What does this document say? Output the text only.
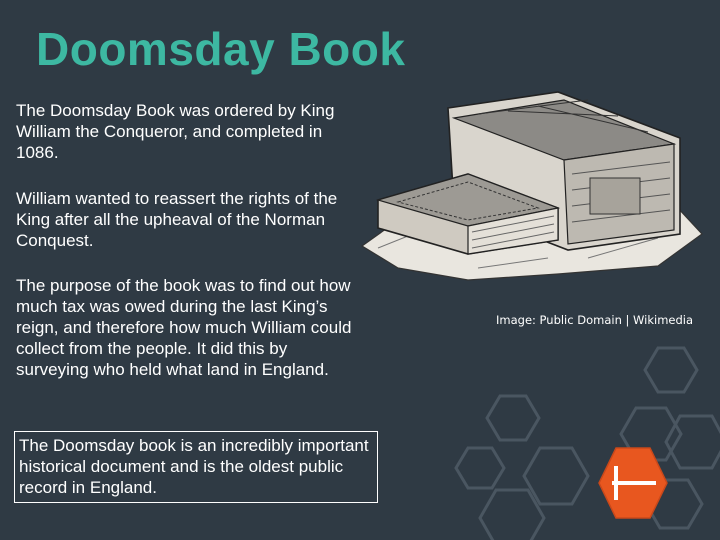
Doomsday Book

The Doomsday Book was ordered by King William the Conqueror, and completed in 1086.

William wanted to reassert the rights of the King after all the upheaval of the Norman Conquest.

The purpose of the book was to find out how much tax was owed during the last King’s reign, and therefore how much William could collect from the people. It did this by surveying who held what land in England.

The Doomsday book is an incredibly important historical document and is the oldest public record in England.

Image: Public Domain | Wikimedia
